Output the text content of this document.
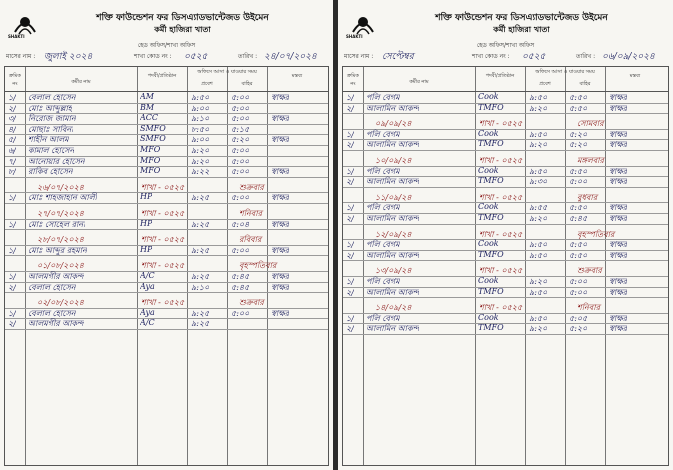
SHAKTI
শক্তি ফাউন্ডেশন ফর ডিসএ্যাডভান্টেজড উইমেন
কর্মী হাজিরা খাতা
হেড অফিস/শাখা অফিস
মাসের নাম : জুলাই ২০২৪	শাখা কোড নং : ০৫২৫	তারিখ : ২৪/০৭/২০২৪
ক্রমিক নং	কর্মীর নাম
পদবী/প্রতিষ্ঠান
অফিসে আসা ও যাওয়ার সময়
প্রবেশ	বাহির
মন্তব্য
১/ বেলাল হোসেন	AM	৯:৫০	৫:০০	স্বাক্ষর
২/ মোঃ আব্দুল্লাহ	BM	৯:০০	৫:০০
৩/ নিরোজ জামান	ACC	৯:১০	৫:০০	স্বাক্ষর
৪/ মোছাঃ সাবিনা	SMFO	৮:৫০	৫:১৫
৫/ শাহীন আলম	SMFO	৯:০০	৫:২০	স্বাক্ষর
৬/ কামাল হোসেন	MFO	৯:২০	৫:০০
৭/ আনোয়ার হোসেন	MFO	৯:২০	৫:০০
৮/ রাকিব হোসেন	MFO	৯:২২	৫:০০	স্বাক্ষর
২৬/০৭/২০২৪	শাখা - ০৫২৫	শুক্রবার
১/ মোঃ শাহজাহান আলী	HP	৯:২৫	৫:০০	স্বাক্ষর
২৭/০৭/২০২৪	শাখা - ০৫২৫	শনিবার
১/ মোঃ সোহেল রানা	HP	৯:২৫	৫:০৪	স্বাক্ষর
২৮/০৭/২০২৪	শাখা - ০৫২৫	রবিবার
১/ মোঃ আব্দুর রহমান	HP	৯:২৫	৫:০০	স্বাক্ষর
০১/০৮/২০২৪	শাখা - ০৫২৫	বৃহস্পতিবার
১/ আলমগীর আকন্দ	A/C	৯:২৫	৫:৪৫	স্বাক্ষর
২/ বেলাল হোসেন	Aya	৯:১০	৫:৪৫	স্বাক্ষর
০২/০৮/২০২৪	শাখা - ০৫২৫	শুক্রবার
১/ বেলাল হোসেন	Aya	৯:২৫	৫:০০	স্বাক্ষর
২/ আলমগীর আকন্দ	A/C	৯:২৫
SHAKTI
শক্তি ফাউন্ডেশন ফর ডিসএ্যাডভান্টেজড উইমেন
কর্মী হাজিরা খাতা
হেড অফিস/শাখা অফিস
মাসের নাম : সেপ্টেম্বর	শাখা কোড নং : ০৫২৫	তারিখ : ০৬/০৯/২০২৪
ক্রমিক নং	কর্মীর নাম
পদবী/প্রতিষ্ঠান
অফিসে আসা ও যাওয়ার সময়
প্রবেশ	বাহির
মন্তব্য
১/ পলি বেগম	Cook	৯:৫০	৫:৫০	স্বাক্ষর
২/ আলামিন আকন্দ	TMFO	৯:২০	৫:৫০	স্বাক্ষর
০৯/০৯/২৪	শাখা - ০৫২৫	সোমবার
১/ পলি বেগম	Cook	৯:৫০	৫:২০	স্বাক্ষর
২/ আলামিন আকন্দ	TMFO	৯:২০	৫:২০	স্বাক্ষর
১০/০৯/২৪	শাখা - ০৫২৫	মঙ্গলবার
১/ পলি বেগম	Cook	৯:৫০	৫:৫০	স্বাক্ষর
২/ আলামিন আকন্দ	TMFO	৯:৩০	৫:০০	স্বাক্ষর
১১/০৯/২৪	শাখা - ০৫২৫	বুধবার
১/ পলি বেগম	Cook	৯:৫৫	৫:৫০	স্বাক্ষর
২/ আলামিন আকন্দ	TMFO	৯:২০	৫:৪৫	স্বাক্ষর
১২/০৯/২৪	শাখা - ০৫২৫	বৃহস্পতিবার
১/ পলি বেগম	Cook	৯:৫০	৫:৫০	স্বাক্ষর
২/ আলামিন আকন্দ	TMFO	৯:৫০	৫:৫০	স্বাক্ষর
১৩/০৯/২৪	শাখা - ০৫২৫	শুক্রবার
১/ পলি বেগম	Cook	৯:২০	৫:০০	স্বাক্ষর
২/ আলামিন আকন্দ	TMFO	৯:৫০	৫:০০	স্বাক্ষর
১৪/০৯/২৪	শাখা - ০৫২৫	শনিবার
১/ পলি বেগম	Cook	৯:৫০	৫:০৫	স্বাক্ষর
২/ আলামিন আকন্দ	TMFO	৯:২০	৫:২০	স্বাক্ষর
